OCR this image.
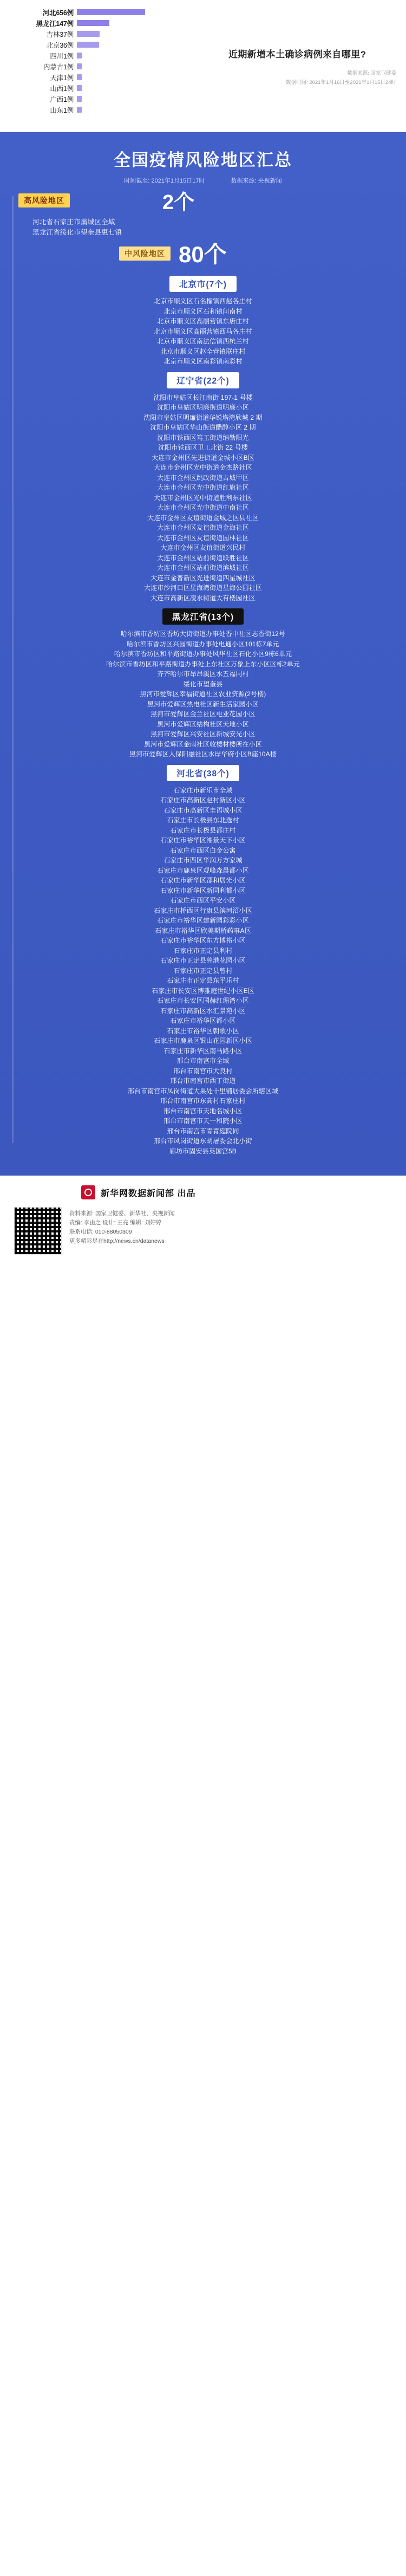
河北656例
黑龙江147例
吉林37例
北京36例
四川1例
内蒙古1例
天津1例
山西1例
广西1例
山东1例
近期新增本土确诊病例来自哪里?
数据来源: 国家卫健委
数据时间: 2021年1月16日至2021年1月15日24时
全国疫情风险地区汇总
时间截至: 2021年1月15日17时	数据来源: 央视新闻
高风险地区	2个
河北省石家庄市藁城区全域
黑龙江省绥化市望奎县惠七镇
中风险地区 80个
北京市(7个)
北京市顺义区石名榴镇西赵各庄村
北京市顺义区石和镇问南村
北京市顺义区高丽营镇东唐庄村
北京市顺义区高丽营镇西马各庄村
北京市顺义区南法信镇西杭兰村
北京市顺义区赵全营镇联庄村
北京市顺义区南彩镇南彩村
辽宁省(22个)
沈阳市皇姑区长江南街 197-1 号楼
沈阳市皇姑区明廉街道明廉小区
沈阳市皇姑区明廉街道华锐塔湾欣城 2 期
沈阳市皇姑区华山街道醋醇小区 2 期
沈阳市铁西区笃工街道纳勒阳光
沈阳市铁西区卫工北街 22 号楼
大连市金州区先进街道金城小区B区
大连市金州区光中街道金杰路社区
大连市金州区跳政街道古城甲区
大连市金州区光中街道红旗社区
大连市金州区光中街道胜利东社区
大连市金州区光中街道中南社区
大连市金州区友谊街道金城之区县社区
大连市金州区友谊街道金海社区
大连市金州区友谊街道园林社区
大连市金州区友谊街道兴民村
大连市金州区站前街道联胜社区
大连市金州区站前街道滨城社区
大连市金普新区光进街道四星城社区
大连市沙河口区星海湾街道星海公园社区
大连市高新区凌水街道大有楼园社区
黑龙江省(13个)
哈尔滨市香坊区香坊大街街道办事处香中社区志香街12号
哈尔滨市香坊区兴园街道办事处电通小区101栋7单元
哈尔滨市香坊区和平路街道办事处风华社区石化小区9栋6单元
哈尔滨市香坊区和平路街道办事处上东社区万象上东小区区栋2单元
齐齐哈尔市昂昂溪区水五福同村
绥化市望奎县
黑河市爱辉区幸福街道社区农业资源(2号楼)
黑河市爱辉区热电社区新生活家园小区
黑河市爱辉区金兰社区电业花园小区
黑河市爱辉区结构社区天地小区
黑河市爱辉区兴安社区新城安光小区
黑河市爱辉区金雨社区收楼材楼所在小区
黑河市爱辉区人保阳融社区水岸华府小区B座10A楼
河北省(38个)
石家庄市新乐市全域
石家庄市高新区赵村新区小区
石家庄市高新区圭语城小区
石家庄市长极县东北选村
石家庄市长极县都庄村
石家庄市裕华区湘景天下小区
石家庄市西区白金公寓
石家庄市西区华润万方家城
石家庄市鹿泉区观峰森晨都小区
石家庄市新华区都和居光小区
石家庄市新华区新同利都小区
石家庄市西区平安小区
石家庄市桥西区行康县滨河沼小区
石家庄市裕华区建新园彩彩小区
石家庄市裕华区欣美期桥药事A区
石家庄市裕华区东方博裕小区
石家庄市正定县利村
石家庄市正定县曾港花园小区
石家庄市正定县曾村
石家庄市正定县东平乐村
石家庄市长安区博雅庭世纪小区E区
石家庄市长安区国赫红珊湾小区
石家庄市高新区水汇景苑小区
石家庄市裕华区都小区
石家庄市裕华区朝歌小区
石家庄市鹿泉区银山花园新区小区
石家庄市新华区南马路小区
邢台市南宫市全域
邢台市南宫市大良村
邢台市南宫市西丁街道
邢台市南宫市凤岗街道大果处十里铺居委会所辖区域
邢台市南宫市东高村石家庄村
邢台市南宫市天地名城小区
邢台市南宫市天一和院小区
邢台市南宫市青青庭院同
邢台市凤岗街道东胡屠委会北小街
廊坊市固安县英国宫5B
新华网数据新闻部 出品
资料来源: 国家卫健委、新华社、央视新闻
责编: 李由之 设计: 王亮 编辑: 刘婷婷
联系电话: 010-88050309
更多精彩尽在http://news.cn/datanews
